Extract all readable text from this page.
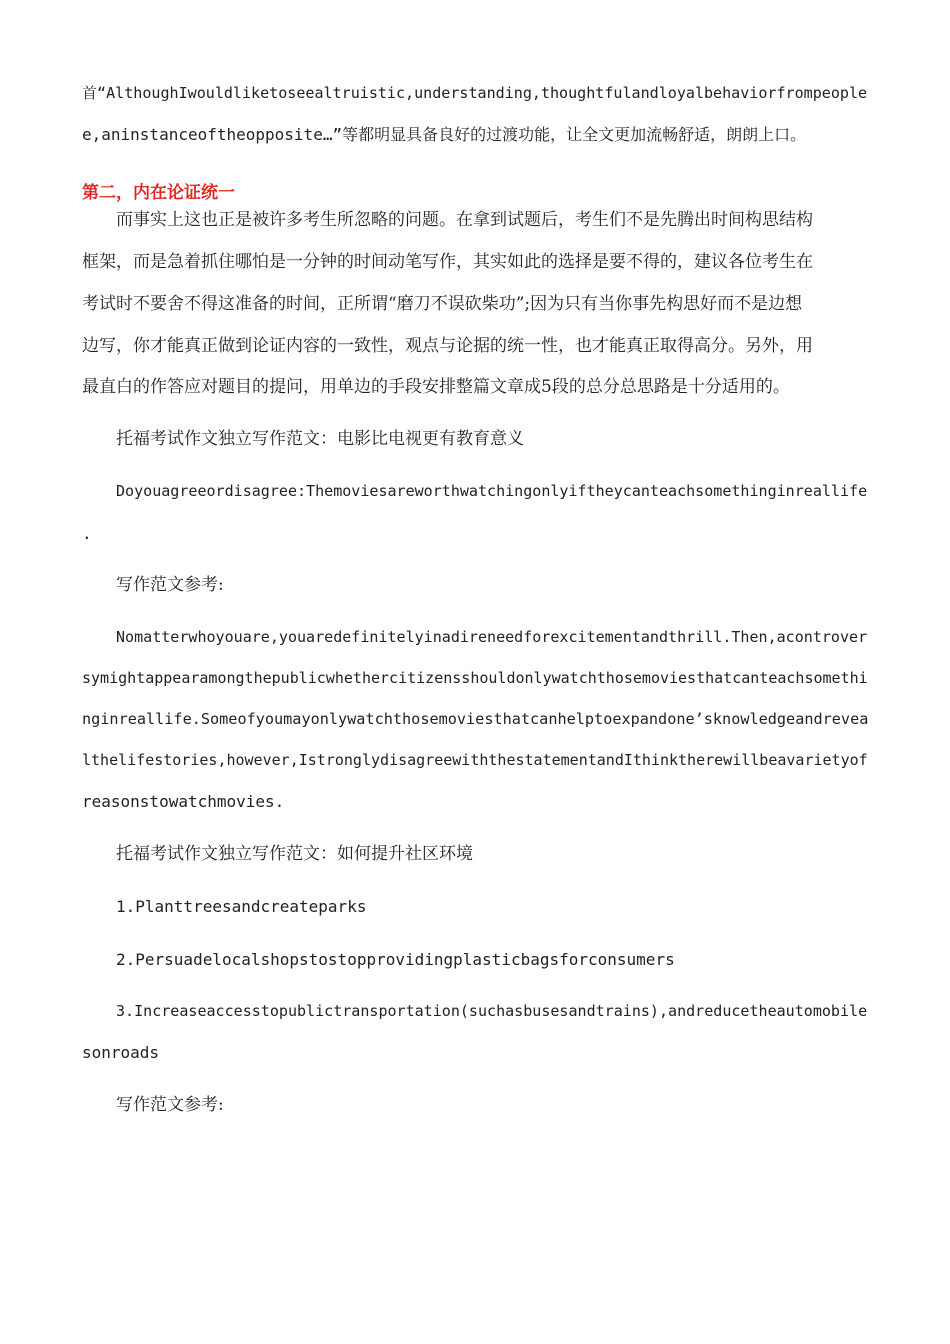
首“AlthoughIwouldliketoseealtruistic,understanding,thoughtfulandloyalbehaviorfrompeople
e,aninstanceoftheopposite…”等都明显具备良好的过渡功能，让全文更加流畅舒适，朗朗上口。
第二，内在论证统一
而事实上这也正是被许多考生所忽略的问题。在拿到试题后，考生们不是先腾出时间构思结构
框架，而是急着抓住哪怕是一分钟的时间动笔写作，其实如此的选择是要不得的，建议各位考生在
考试时不要舍不得这准备的时间，正所谓“磨刀不误砍柴功”;因为只有当你事先构思好而不是边想
边写，你才能真正做到论证内容的一致性，观点与论据的统一性，也才能真正取得高分。另外，用
最直白的作答应对题目的提问，用单边的手段安排整篇文章成5段的总分总思路是十分适用的。
托福考试作文独立写作范文：电影比电视更有教育意义
Doyouagreeordisagree:Themoviesareworthwatchingonlyiftheycanteachsomethinginreallife
.
写作范文参考:
Nomatterwhoyouare,youaredefinitelyinadireneedforexcitementandthrill.Then,acontrover
symightappearamongthepublicwhethercitizensshouldonlywatchthosemoviesthatcanteachsomethi
nginreallife.Someofyoumayonlywatchthosemoviesthatcanhelptoexpandone’sknowledgeandrevea
lthelifestories,however,IstronglydisagreewiththestatementandIthinktherewillbeavarietyof
reasonstowatchmovies.
托福考试作文独立写作范文：如何提升社区环境
1.Planttreesandcreateparks
2.Persuadelocalshopstostopprovidingplasticbagsforconsumers
3.Increaseaccesstopublictransportation(suchasbusesandtrains),andreducetheautomobile
sonroads
写作范文参考:
